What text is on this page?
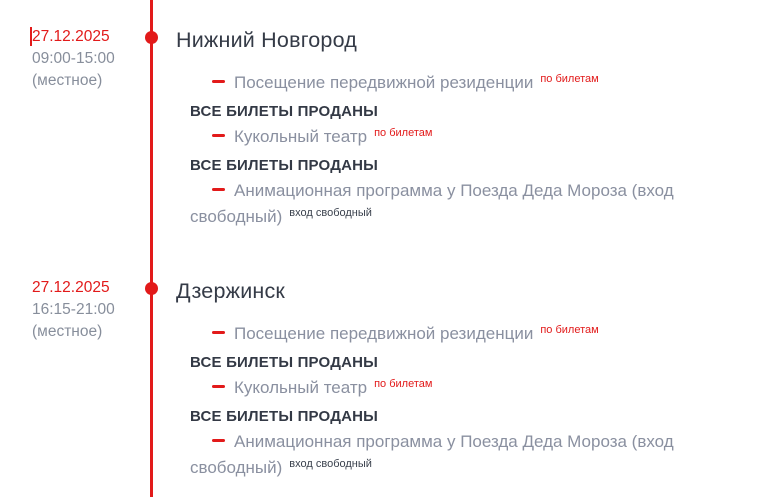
27.12.2025
09:00-15:00
(местное)
Нижний Новгород

Посещение передвижной резиденции $^{по билетам}$

ВСЕ БИЛЕТЫ ПРОДАНЫ

Кукольный театр $^{по билетам}$

ВСЕ БИЛЕТЫ ПРОДАНЫ

Анимационная программа у Поезда Деда Мороза (вход свободный) $^{вход свободный}$

27.12.2025
16:15-21:00
(местное)
Дзержинск

Посещение передвижной резиденции $^{по билетам}$

ВСЕ БИЛЕТЫ ПРОДАНЫ

Кукольный театр $^{по билетам}$

ВСЕ БИЛЕТЫ ПРОДАНЫ

Анимационная программа у Поезда Деда Мороза (вход свободный) $^{вход свободный}$
